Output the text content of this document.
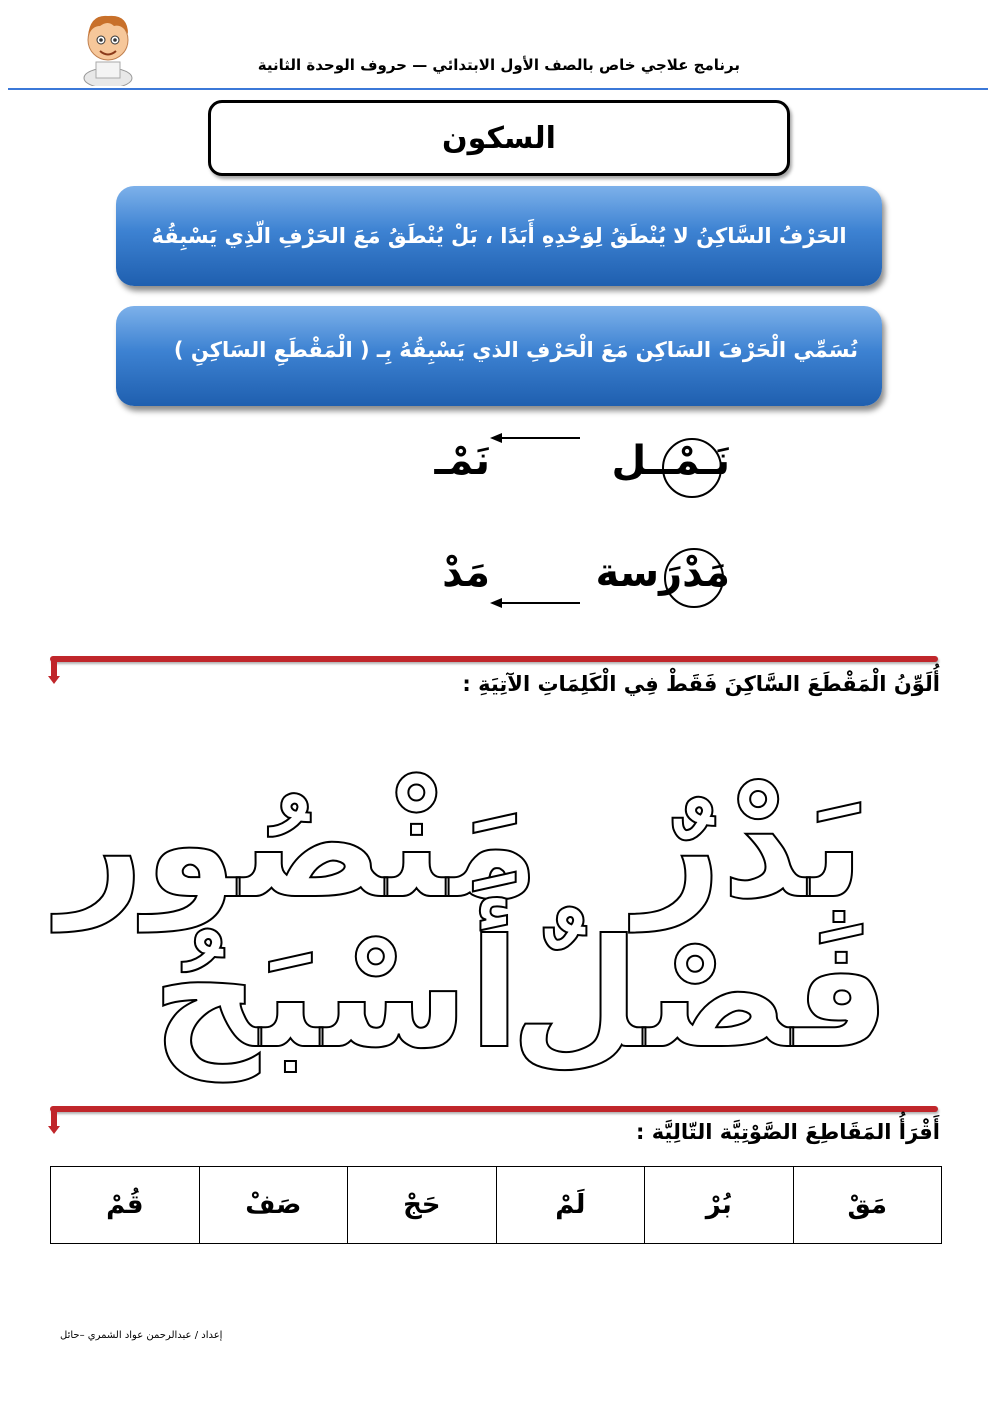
برنامج علاجي خاص بالصف الأول الابتدائي — حروف الوحدة الثانية
السكون
الحَرْفُ السَّاكِنُ لا يُنْطَقُ لِوَحْدِهِ أَبَدًا ، بَلْ يُنْطَقُ مَعَ الحَرْفِ الّذِي يَسْبِقُهُ
نُسَمِّي الْحَرْفَ السَاكِن مَعَ الْحَرْفِ الذي يَسْبِقُهُ بِـ ( الْمَقْطَعِ السَاكِنِ )
نَـمْــل
نَمْـ
مَدْرَسة
مَدْ
أُلَوِّنُ الْمَقْطَعَ السَّاكِنَ فَقَطْ فِي الْكَلِمَاتِ الآتِيَةِ :
بَدْرٌ
مَنْصُور
فَصْلٌ
أَسْبَحُ
أَقْرَأُ المَقَاطِعَ الصَّوْتِيَّة التّالِيَّة :
مَقْ	بُرْ	لَمْ	حَجْ	صَفْ	قُمْ
إعداد / عبدالرحمن عواد الشمري –حائل
